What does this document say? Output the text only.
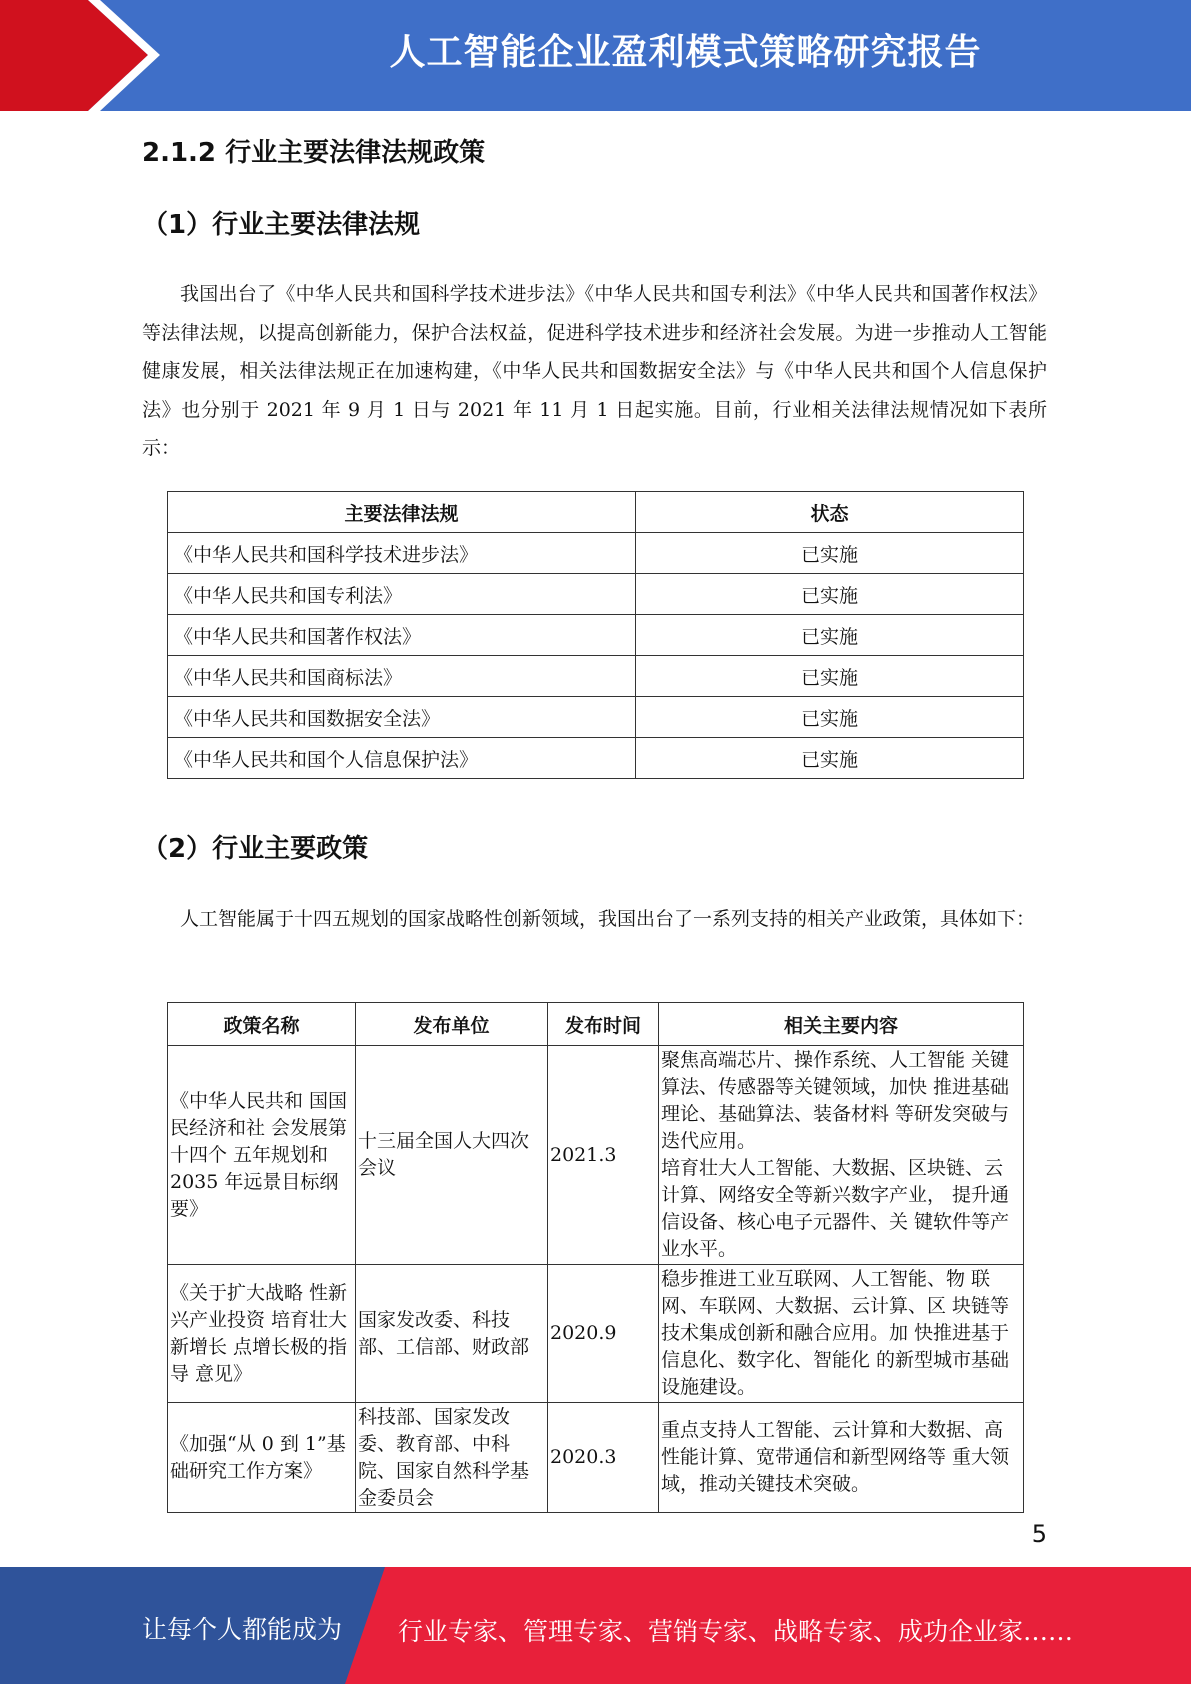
人工智能企业盈利模式策略研究报告
2.1.2 行业主要法律法规政策
（1）行业主要法律法规

我国出台了《中华人民共和国科学技术进步法》《中华人民共和国专利法》《中华人民共和国著作权法》等法律法规，以提高创新能力，保护合法权益，促进科学技术进步和经济社会发展。为进一步推动人工智能健康发展，相关法律法规正在加速构建，《中华人民共和国数据安全法》与《中华人民共和国个人信息保护法》也分别于 2021 年 9 月 1 日与 2021 年 11 月 1 日起实施。目前，行业相关法律法规情况如下表所示：

主要法律法规	状态
《中华人民共和国科学技术进步法》	已实施
《中华人民共和国专利法》	已实施
《中华人民共和国著作权法》	已实施
《中华人民共和国商标法》	已实施
《中华人民共和国数据安全法》	已实施
《中华人民共和国个人信息保护法》	已实施
（2）行业主要政策

人工智能属于十四五规划的国家战略性创新领域，我国出台了一系列支持的相关产业政策，具体如下：

政策名称	发布单位	发布时间	相关主要内容
《中华人民共和 国国民经济和社 会发展第十四个 五年规划和 2035 年远景目标纲要》	十三届全国人大四次会议	2021.3	聚焦高端芯片、操作系统、人工智能 关键算法、传感器等关键领域，加快 推进基础理论、基础算法、装备材料 等研发突破与迭代应用。
培育壮大人工智能、大数据、区块链、云计算、网络安全等新兴数字产业， 提升通信设备、核心电子元器件、关 键软件等产业水平。
《关于扩大战略 性新兴产业投资 培育壮大新增长 点增长极的指导 意见》	国家发改委、科技部、工信部、财政部	2020.9	稳步推进工业互联网、人工智能、物 联网、车联网、大数据、云计算、区 块链等技术集成创新和融合应用。加 快推进基于信息化、数字化、智能化 的新型城市基础设施建设。
《加强“从 0 到 1”基础研究工作方案》	科技部、国家发改委、教育部、中科院、国家自然科学基金委员会	2020.3	重点支持人工智能、云计算和大数据、高性能计算、宽带通信和新型网络等 重大领域，推动关键技术突破。
5
让每个人都能成为 行业专家、管理专家、营销专家、战略专家、成功企业家……
